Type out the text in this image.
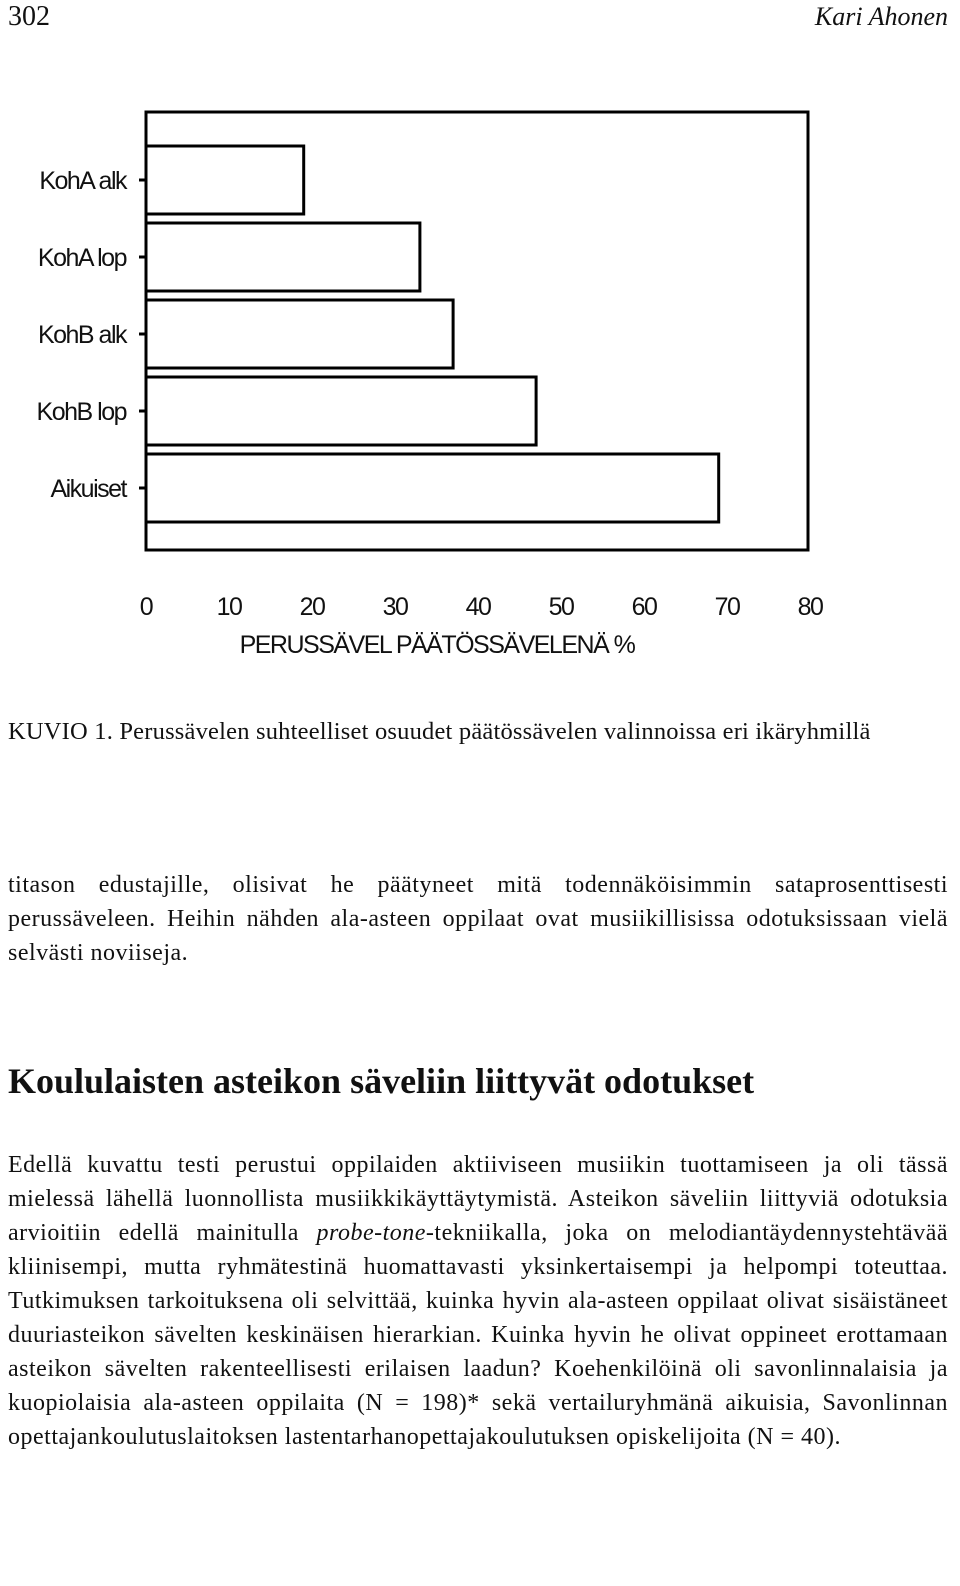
302	Kari Ahonen
KohA alk
KohA lop
KohB alk
KohB lop
Aikuiset
0	10 20 30 40 50 60 70 80
PERUSSÄVEL PÄÄTÖSSÄVELENÄ %

KUVIO 1. Perussävelen suhteelliset osuudet päätössävelen valinnoissa eri ikäryhmillä

titason edustajille, olisivat he päätyneet mitä todennäköisimmin sataprosenttisesti perussäveleen. Heihin nähden ala-asteen oppilaat ovat musiikillisissa odotuksissaan vielä selvästi noviiseja.

Koululaisten asteikon säveliin liittyvät odotukset

Edellä kuvattu testi perustui oppilaiden aktiiviseen musiikin tuottamiseen ja oli tässä mielessä lähellä luonnollista musiikkikäyttäytymistä. Asteikon säveliin liittyviä odotuksia arvioitiin edellä mainitulla probe-tone-tekniikalla, joka on melodiantäydennystehtävää kliinisempi, mutta ryhmätestinä huomattavasti yksinkertaisempi ja helpompi toteuttaa. Tutkimuksen tarkoituksena oli selvittää, kuinka hyvin ala-asteen oppilaat olivat sisäistäneet duuriasteikon sävelten keskinäisen hierarkian. Kuinka hyvin he olivat oppineet erottamaan asteikon sävelten rakenteellisesti erilaisen laadun? Koehenkilöinä oli savonlinnalaisia ja kuopiolaisia ala-asteen oppilaita (N = 198)* sekä vertailuryhmänä aikuisia, Savonlinnan opettajankoulutuslaitoksen lastentarhanopettajakoulutuksen opiskelijoita (N = 40).
